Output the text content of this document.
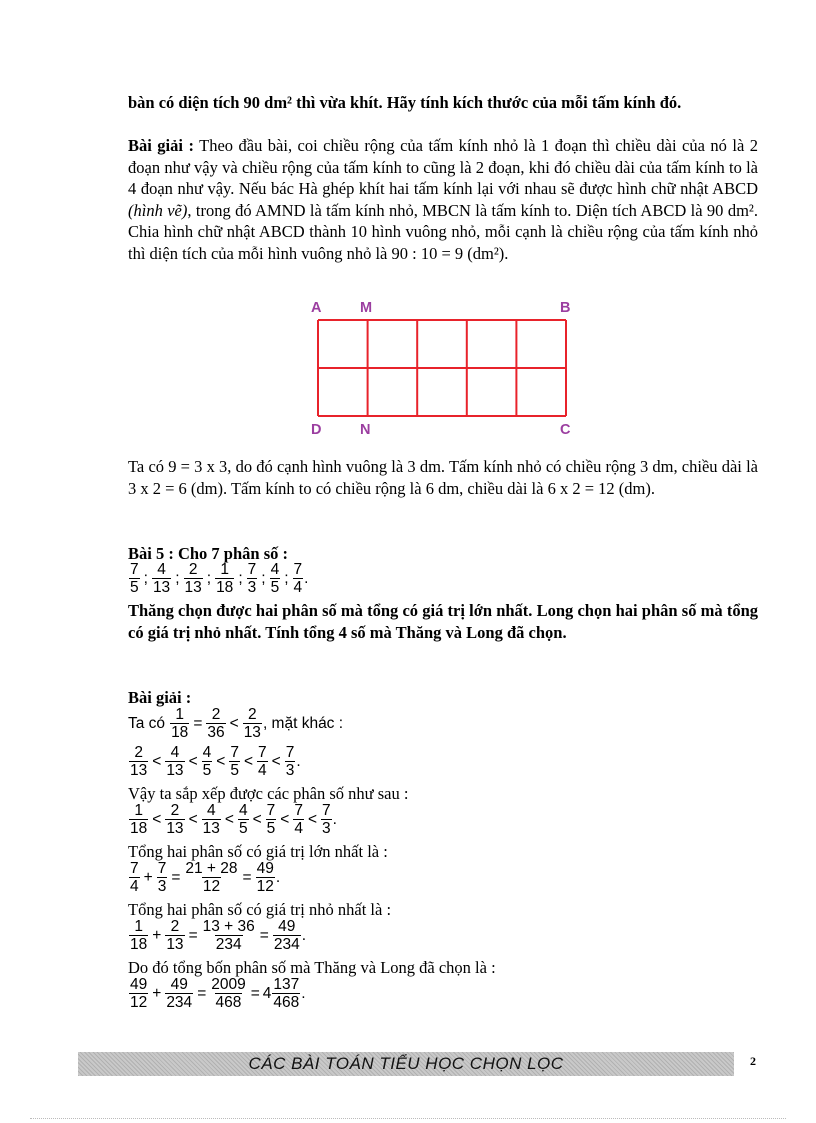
bàn có diện tích 90 dm² thì vừa khít. Hãy tính kích thước của mỗi tấm kính đó.

Bài giải : Theo đầu bài, coi chiều rộng của tấm kính nhỏ là 1 đoạn thì chiều dài của nó là 2 đoạn như vậy và chiều rộng của tấm kính to cũng là 2 đoạn, khi đó chiều dài của tấm kính to là 4 đoạn như vậy. Nếu bác Hà ghép khít hai tấm kính lại với nhau sẽ được hình chữ nhật ABCD (hình vẽ), trong đó AMND là tấm kính nhỏ, MBCN là tấm kính to. Diện tích ABCD là 90 dm². Chia hình chữ nhật ABCD thành 10 hình vuông nhỏ, mỗi cạnh là chiều rộng của tấm kính nhỏ thì diện tích của mỗi hình vuông nhỏ là 90 : 10 = 9 (dm²).

A	M	B
D	N	C

Ta có 9 = 3 x 3, do đó cạnh hình vuông là 3 dm. Tấm kính nhỏ có chiều rộng 3 dm, chiều dài là 3 x 2 = 6 (dm). Tấm kính to có chiều rộng là 6 dm, chiều dài là 6 x 2 = 12 (dm).

Bài 5 : Cho 7 phân số :
$\frac{7}{5}$ ; $\frac{4}{13}$ ; $\frac{2}{13}$ ; $\frac{1}{18}$ ; $\frac{7}{3}$ ; $\frac{4}{5}$ ; $\frac{7}{4}$ .

Thăng chọn được hai phân số mà tổng có giá trị lớn nhất. Long chọn hai phân số mà tổng có giá trị nhỏ nhất. Tính tổng 4 số mà Thăng và Long đã chọn.

Bài giải :
Ta có $\frac{1}{18} = \frac{2}{36} < \frac{2}{13}$ , mặt khác :
$\frac{2}{13} < \frac{4}{13} < \frac{4}{5} < \frac{7}{5} < \frac{7}{4} < \frac{7}{3}$ .
Vậy ta sắp xếp được các phân số như sau :
$\frac{1}{18} < \frac{2}{13} < \frac{4}{13} < \frac{4}{5} < \frac{7}{5} < \frac{7}{4} < \frac{7}{3}$ .
Tổng hai phân số có giá trị lớn nhất là :
$\frac{7}{4} + \frac{7}{3} = \frac{21 + 28}{12} = \frac{49}{12}$ .
Tổng hai phân số có giá trị nhỏ nhất là :
$\frac{1}{18} + \frac{2}{13} = \frac{13 + 36}{234} = \frac{49}{234}$ .
Do đó tổng bốn phân số mà Thăng và Long đã chọn là :
$\frac{49}{12} + \frac{49}{234} = \frac{2009}{468} = 4 \frac{137}{468}$ .
CÁC BÀI TOÁN TIỂU HỌC CHỌN LỌC	2
